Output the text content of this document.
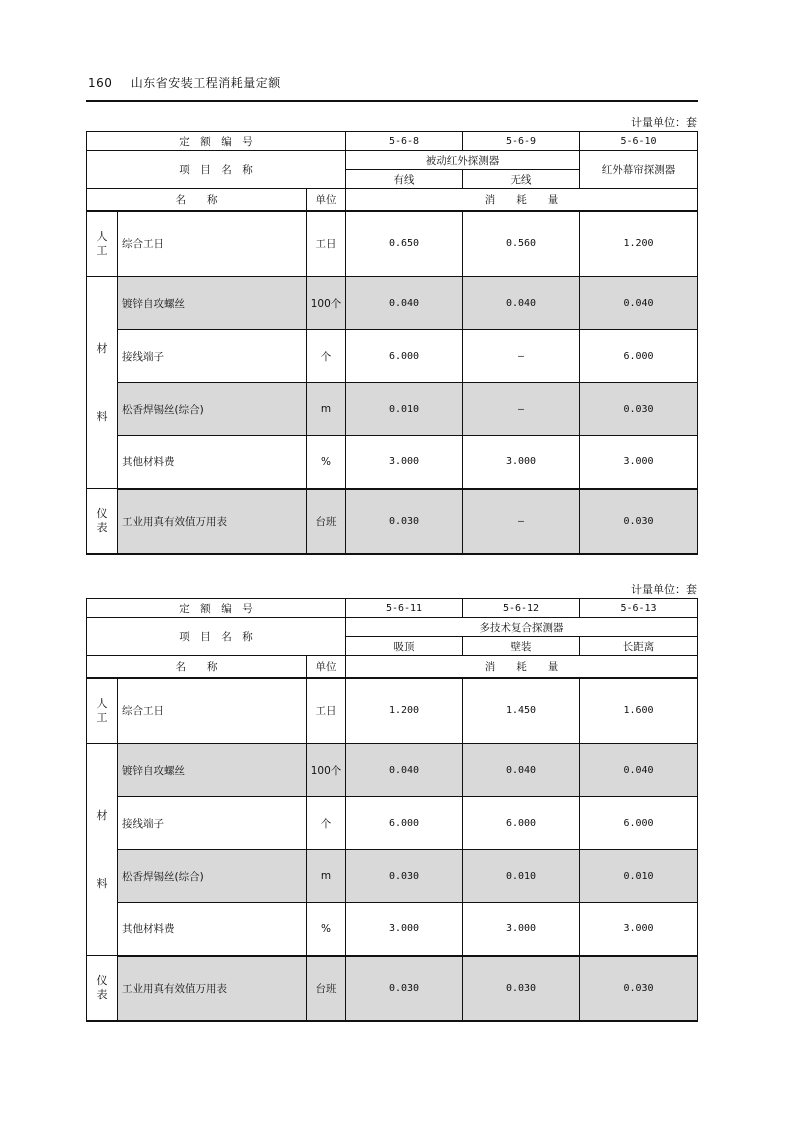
160 山东省安装工程消耗量定额
计量单位：套
定　额　编　号			5-6-8	5-6-9	5-6-10
项　目　名　称			被动红外探测器		红外幕帘探测器
			有线	无线	
名　　称		单位	消　　耗　　量		
人
工	综合工日	工日	0.650	0.560	1.200

材
料	镀锌自攻螺丝	100个	0.040	0.040	0.040
	接线端子	个	6.000	—	6.000
	松香焊锡丝(综合)	m	0.010	—	0.030
	其他材料费	%	3.000	3.000	3.000
仪
表	工业用真有效值万用表	台班	0.030	—	0.030
计量单位：套
定　额　编　号			5-6-11	5-6-12	5-6-13
项　目　名　称			多技术复合探测器		
			吸顶	壁装	长距离
名　　称		单位	消　　耗　　量		
人
工	综合工日	工日	1.200	1.450	1.600

材
料	镀锌自攻螺丝	100个	0.040	0.040	0.040
	接线端子	个	6.000	6.000	6.000
	松香焊锡丝(综合)	m	0.030	0.010	0.010
	其他材料费	%	3.000	3.000	3.000
仪
表	工业用真有效值万用表	台班	0.030	0.030	0.030
